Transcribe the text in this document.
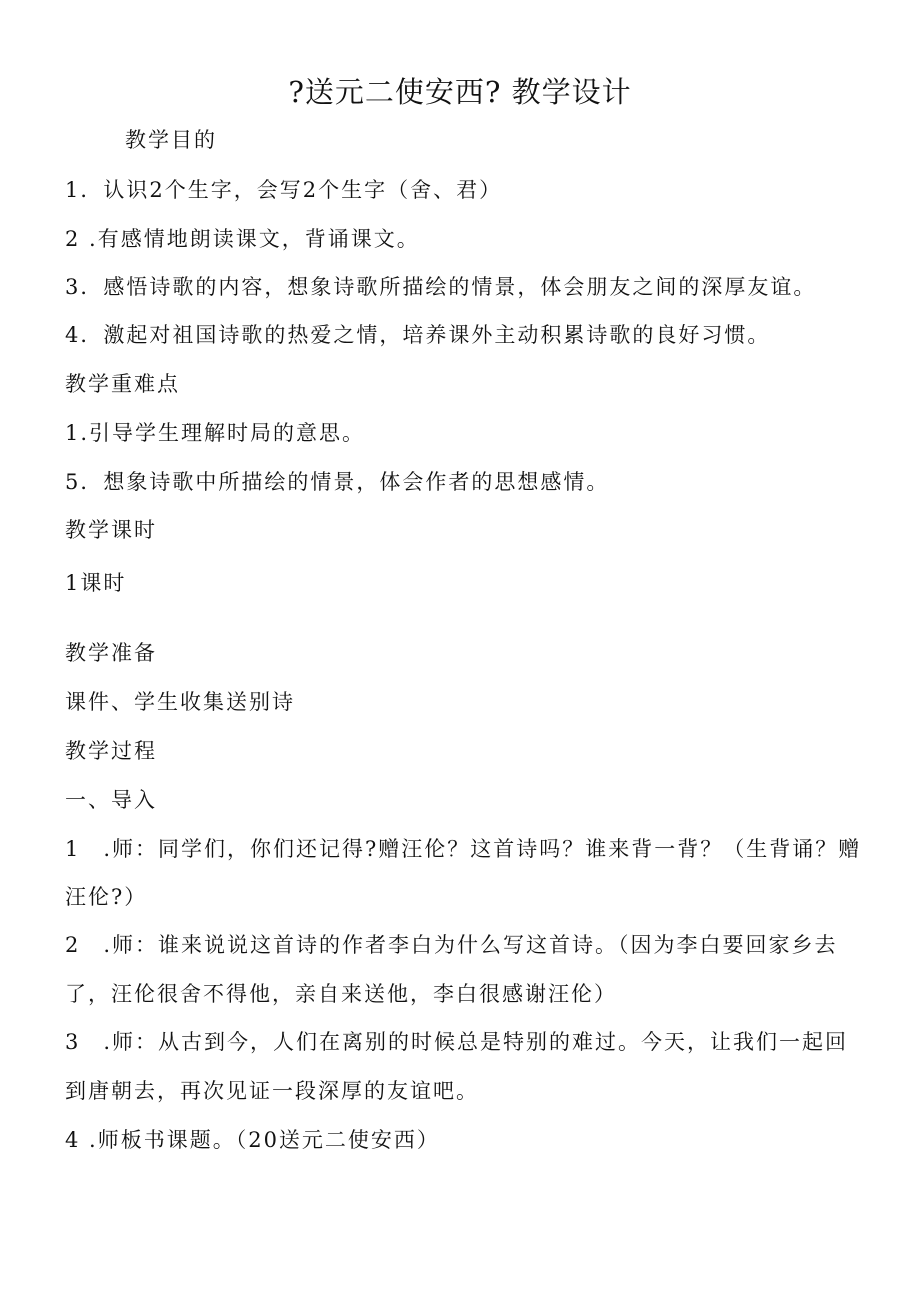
?送元二使安西? 教学设计
教学目的
1．认识2个生字，会写2个生字（舍、君）
2 .有感情地朗读课文，背诵课文。
3．感悟诗歌的内容，想象诗歌所描绘的情景，体会朋友之间的深厚友谊。
4．激起对祖国诗歌的热爱之情，培养课外主动积累诗歌的良好习惯。
教学重难点
1.引导学生理解时局的意思。
5．想象诗歌中所描绘的情景，体会作者的思想感情。
教学课时
1课时
教学准备
课件、学生收集送别诗
教学过程
一、导入
1　.师：同学们，你们还记得?赠汪伦？这首诗吗？谁来背一背？（生背诵？赠
汪伦?）
2　.师：谁来说说这首诗的作者李白为什么写这首诗。（因为李白要回家乡去
了，汪伦很舍不得他，亲自来送他，李白很感谢汪伦）
3　.师：从古到今，人们在离别的时候总是特别的难过。今天，让我们一起回
到唐朝去，再次见证一段深厚的友谊吧。
4 .师板书课题。（20送元二使安西）
